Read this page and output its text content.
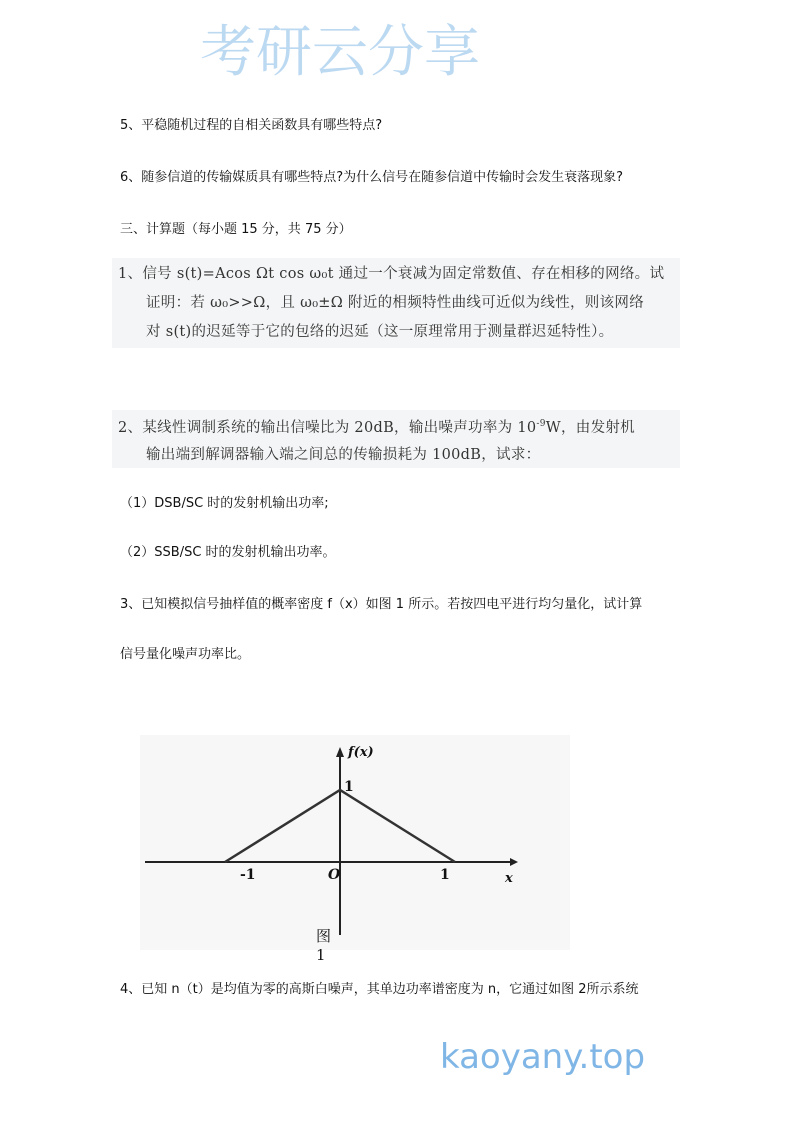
5、平稳随机过程的自相关函数具有哪些特点?
6、随参信道的传输媒质具有哪些特点?为什么信号在随参信道中传输时会发生衰落现象?
三、计算题（每小题 15 分，共 75 分）
1、信号 s(t)=Acos Ωt cos ω₀t 通过一个衰减为固定常数值、存在相移的网络。试
证明：若 ω₀>>Ω，且 ω₀±Ω 附近的相频特性曲线可近似为线性，则该网络
对 s(t)的迟延等于它的包络的迟延（这一原理常用于测量群迟延特性）。
2、某线性调制系统的输出信噪比为 20dB，输出噪声功率为 $10^{-9}W$，由发射机
输出端到解调器输入端之间总的传输损耗为 100dB，试求：
（1）DSB/SC 时的发射机输出功率;
（2）SSB/SC 时的发射机输出功率。
3、已知模拟信号抽样值的概率密度 f（x）如图 1 所示。若按四电平进行均匀量化，试计算
信号量化噪声功率比。
f(x)
x
1
O
-1	1
图 1
4、已知 n（t）是均值为零的高斯白噪声，其单边功率谱密度为 n，它通过如图 2所示系统
考研云分享
kaoyany.top
